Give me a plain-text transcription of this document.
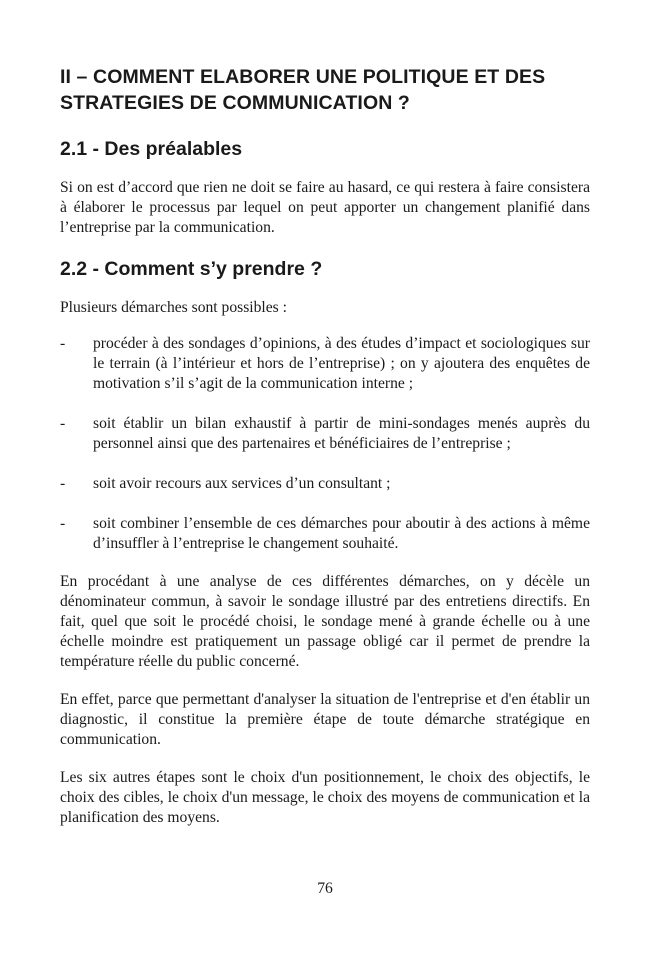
II – COMMENT ELABORER UNE POLITIQUE ET DES STRATEGIES DE COMMUNICATION ?
2.1 - Des préalables

Si on est d’accord que rien ne doit se faire au hasard, ce qui restera à faire consistera à élaborer le processus par lequel on peut apporter un changement planifié dans l’entreprise par la communication.

2.2 - Comment s’y prendre ?

Plusieurs démarches sont possibles :

- procéder à des sondages d’opinions, à des études d’impact et sociologiques sur le terrain (à l’intérieur et hors de l’entreprise) ; on y ajoutera des enquêtes de motivation s’il s’agit de la communication interne ;
- soit établir un bilan exhaustif à partir de mini-sondages menés auprès du personnel ainsi que des partenaires et bénéficiaires de l’entreprise ;
- soit avoir recours aux services d’un consultant ;
- soit combiner l’ensemble de ces démarches pour aboutir à des actions à même d’insuffler à l’entreprise le changement souhaité.

En procédant à une analyse de ces différentes démarches, on y décèle un dénominateur commun, à savoir le sondage illustré par des entretiens directifs. En fait, quel que soit le procédé choisi, le sondage mené à grande échelle ou à une échelle moindre est pratiquement un passage obligé car il permet de prendre la température réelle du public concerné.

En effet, parce que permettant d'analyser la situation de l'entreprise et d'en établir un diagnostic, il constitue la première étape de toute démarche stratégique en communication.

Les six autres étapes sont le choix d'un positionnement, le choix des objectifs, le choix des cibles, le choix d'un message, le choix des moyens de communication et la planification des moyens.

76
